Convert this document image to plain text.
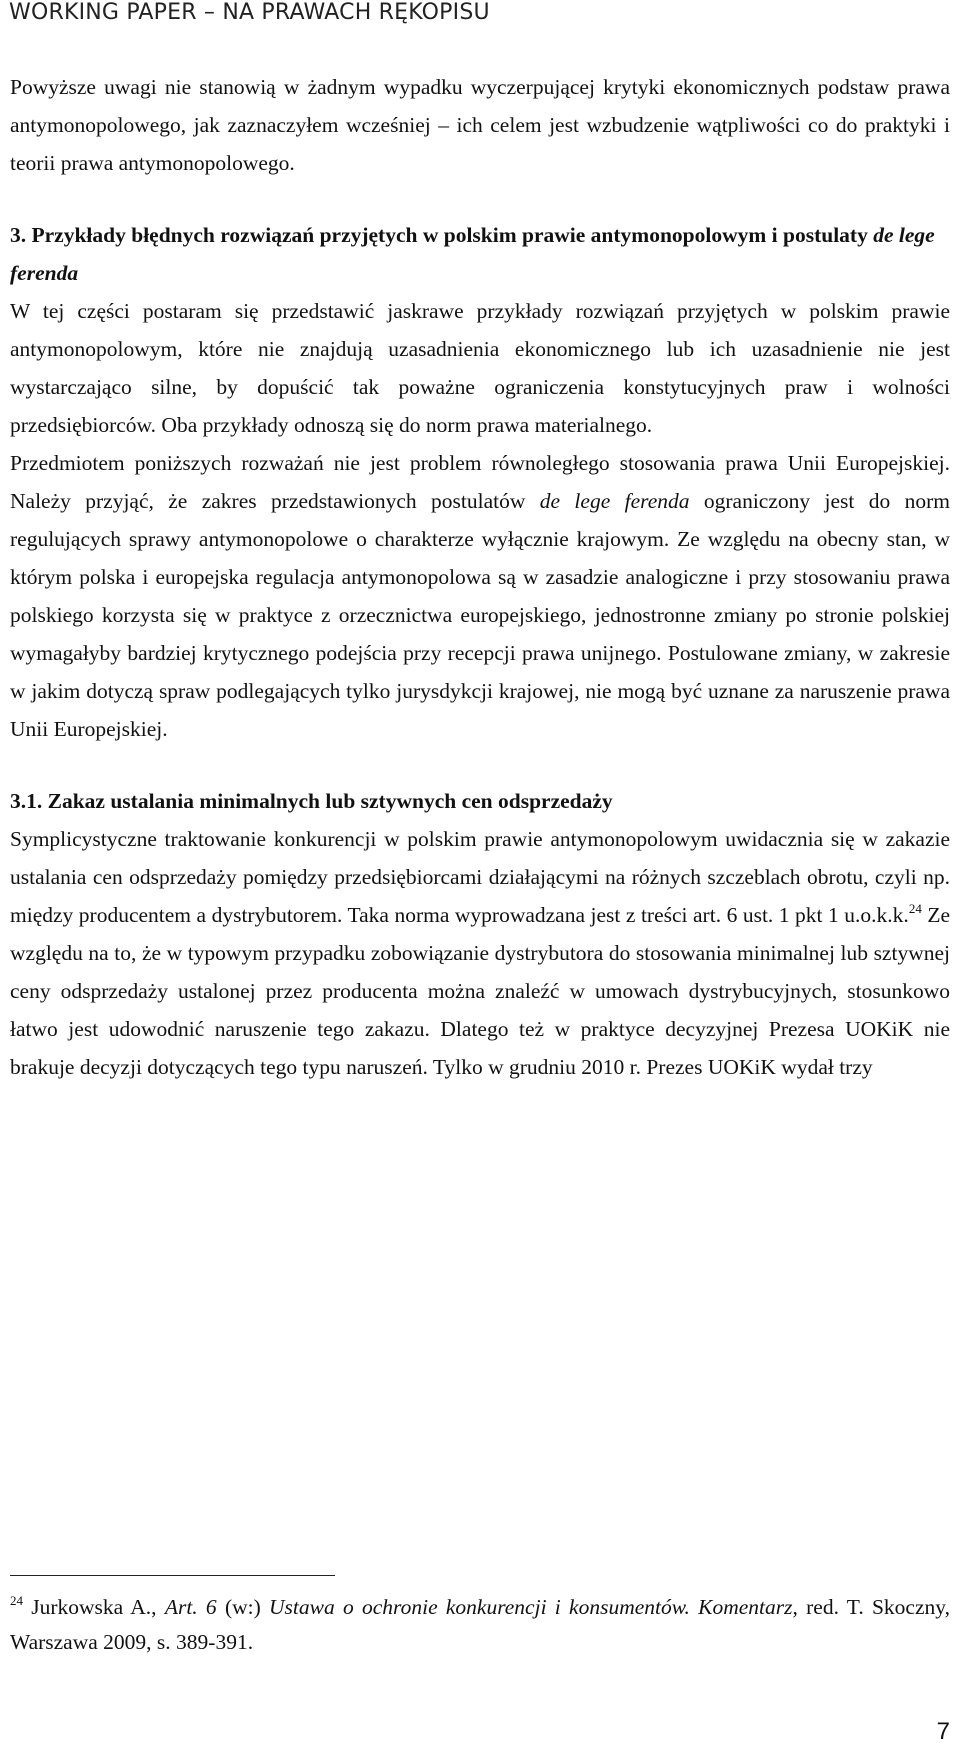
WORKING PAPER – NA PRAWACH RĘKOPISU

Powyższe uwagi nie stanowią w żadnym wypadku wyczerpującej krytyki ekonomicznych podstaw prawa antymonopolowego, jak zaznaczyłem wcześniej – ich celem jest wzbudzenie wątpliwości co do praktyki i teorii prawa antymonopolowego.

3. Przykłady błędnych rozwiązań przyjętych w polskim prawie antymonopolowym i postulaty de lege ferenda

W tej części postaram się przedstawić jaskrawe przykłady rozwiązań przyjętych w polskim prawie antymonopolowym, które nie znajdują uzasadnienia ekonomicznego lub ich uzasadnienie nie jest wystarczająco silne, by dopuścić tak poważne ograniczenia konstytucyjnych praw i wolności przedsiębiorców. Oba przykłady odnoszą się do norm prawa materialnego.

Przedmiotem poniższych rozważań nie jest problem równoległego stosowania prawa Unii Europejskiej. Należy przyjąć, że zakres przedstawionych postulatów de lege ferenda ograniczony jest do norm regulujących sprawy antymonopolowe o charakterze wyłącznie krajowym. Ze względu na obecny stan, w którym polska i europejska regulacja antymonopolowa są w zasadzie analogiczne i przy stosowaniu prawa polskiego korzysta się w praktyce z orzecznictwa europejskiego, jednostronne zmiany po stronie polskiej wymagałyby bardziej krytycznego podejścia przy recepcji prawa unijnego. Postulowane zmiany, w zakresie w jakim dotyczą spraw podlegających tylko jurysdykcji krajowej, nie mogą być uznane za naruszenie prawa Unii Europejskiej.

3.1. Zakaz ustalania minimalnych lub sztywnych cen odsprzedaży

Symplicystyczne traktowanie konkurencji w polskim prawie antymonopolowym uwidacznia się w zakazie ustalania cen odsprzedaży pomiędzy przedsiębiorcami działającymi na różnych szczeblach obrotu, czyli np. między producentem a dystrybutorem. Taka norma wyprowadzana jest z treści art. 6 ust. 1 pkt 1 u.o.k.k.$^{24}$ Ze względu na to, że w typowym przypadku zobowiązanie dystrybutora do stosowania minimalnej lub sztywnej ceny odsprzedaży ustalonej przez producenta można znaleźć w umowach dystrybucyjnych, stosunkowo łatwo jest udowodnić naruszenie tego zakazu. Dlatego też w praktyce decyzyjnej Prezesa UOKiK nie brakuje decyzji dotyczących tego typu naruszeń. Tylko w grudniu 2010 r. Prezes UOKiK wydał trzy

$^{24}$ Jurkowska A., Art. 6 (w:) Ustawa o ochronie konkurencji i konsumentów. Komentarz, red. T. Skoczny, Warszawa 2009, s. 389-391.
7
